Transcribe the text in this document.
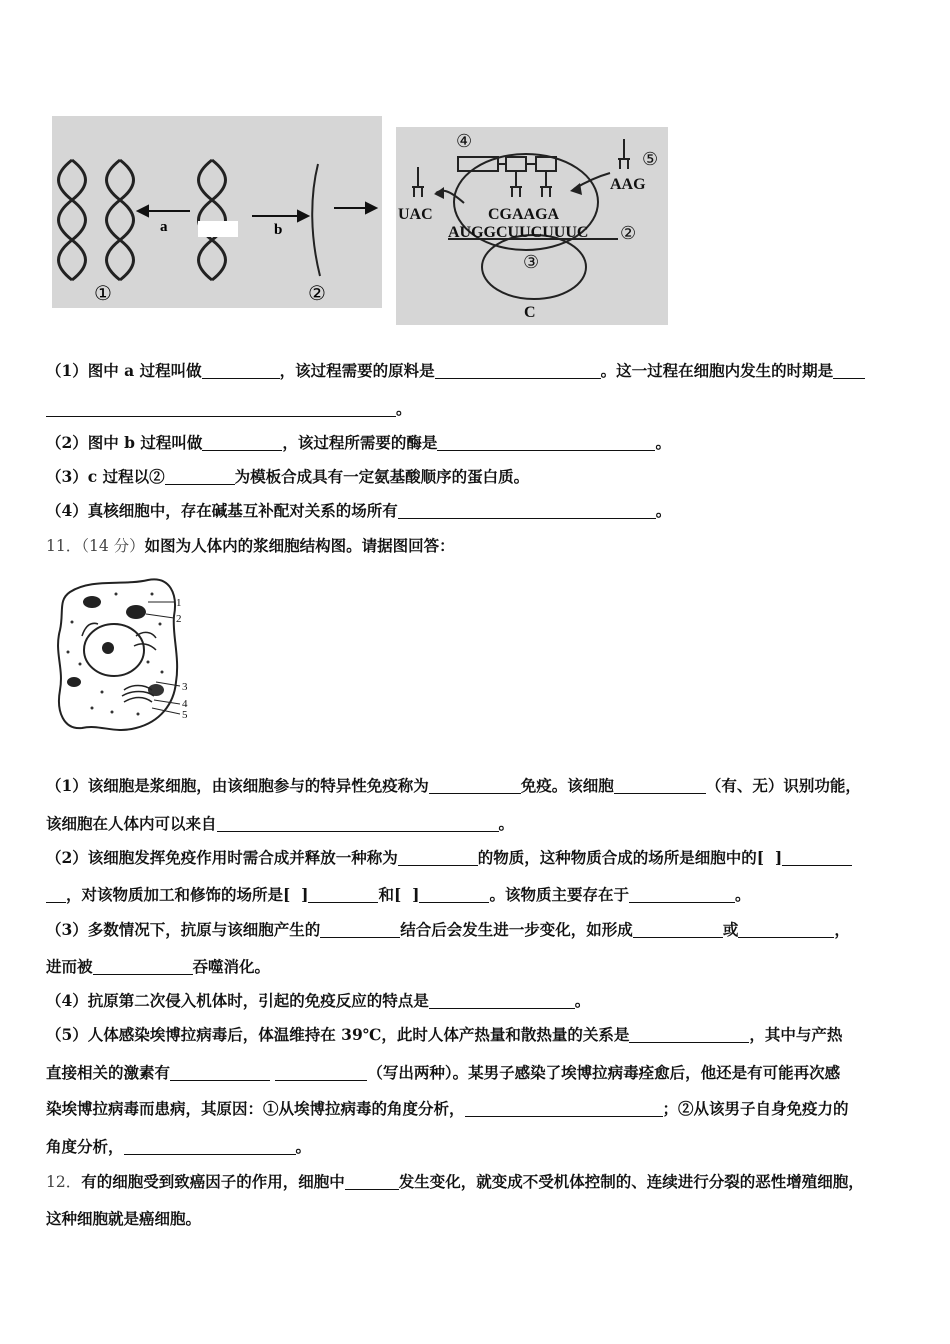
a	b
①	②
④
⑤
AAG
UAC	CGAAGA
AUGGCUUCUUUC ②
③
C
（1）图中 a 过程叫做	，该过程需要的原料是	。这一过程在细胞内发生的时期是
。
（2）图中 b 过程叫做	，该过程所需要的酶是	。
（3）c 过程以②	为模板合成具有一定氨基酸顺序的蛋白质。
（4）真核细胞中，存在碱基互补配对关系的场所有	。
11．（14 分）如图为人体内的浆细胞结构图。请据图回答：
1
2
3
4
5
（1）该细胞是浆细胞，由该细胞参与的特异性免疫称为	免疫。该细胞	（有、无）识别功能，
该细胞在人体内可以来自	。
（2）该细胞发挥免疫作用时需合成并释放一种称为	的物质，这种物质合成的场所是细胞中的[  ]
，对该物质加工和修饰的场所是[  ]	和[  ]	。该物质主要存在于	。
（3）多数情况下，抗原与该细胞产生的	结合后会发生进一步变化，如形成	或	，
进而被	吞噬消化。
（4）抗原第二次侵入机体时，引起的免疫反应的特点是	。
（5）人体感染埃博拉病毒后，体温维持在 39℃，此时人体产热量和散热量的关系是	，其中与产热
直接相关的激素有	（写出两种）。某男子感染了埃博拉病毒痊愈后，他还是有可能再次感
染埃博拉病毒而患病，其原因：①从埃博拉病毒的角度分析，	；②从该男子自身免疫力的
角度分析，	。
12．有的细胞受到致癌因子的作用，细胞中	发生变化，就变成不受机体控制的、连续进行分裂的恶性增殖细胞，
这种细胞就是癌细胞。
